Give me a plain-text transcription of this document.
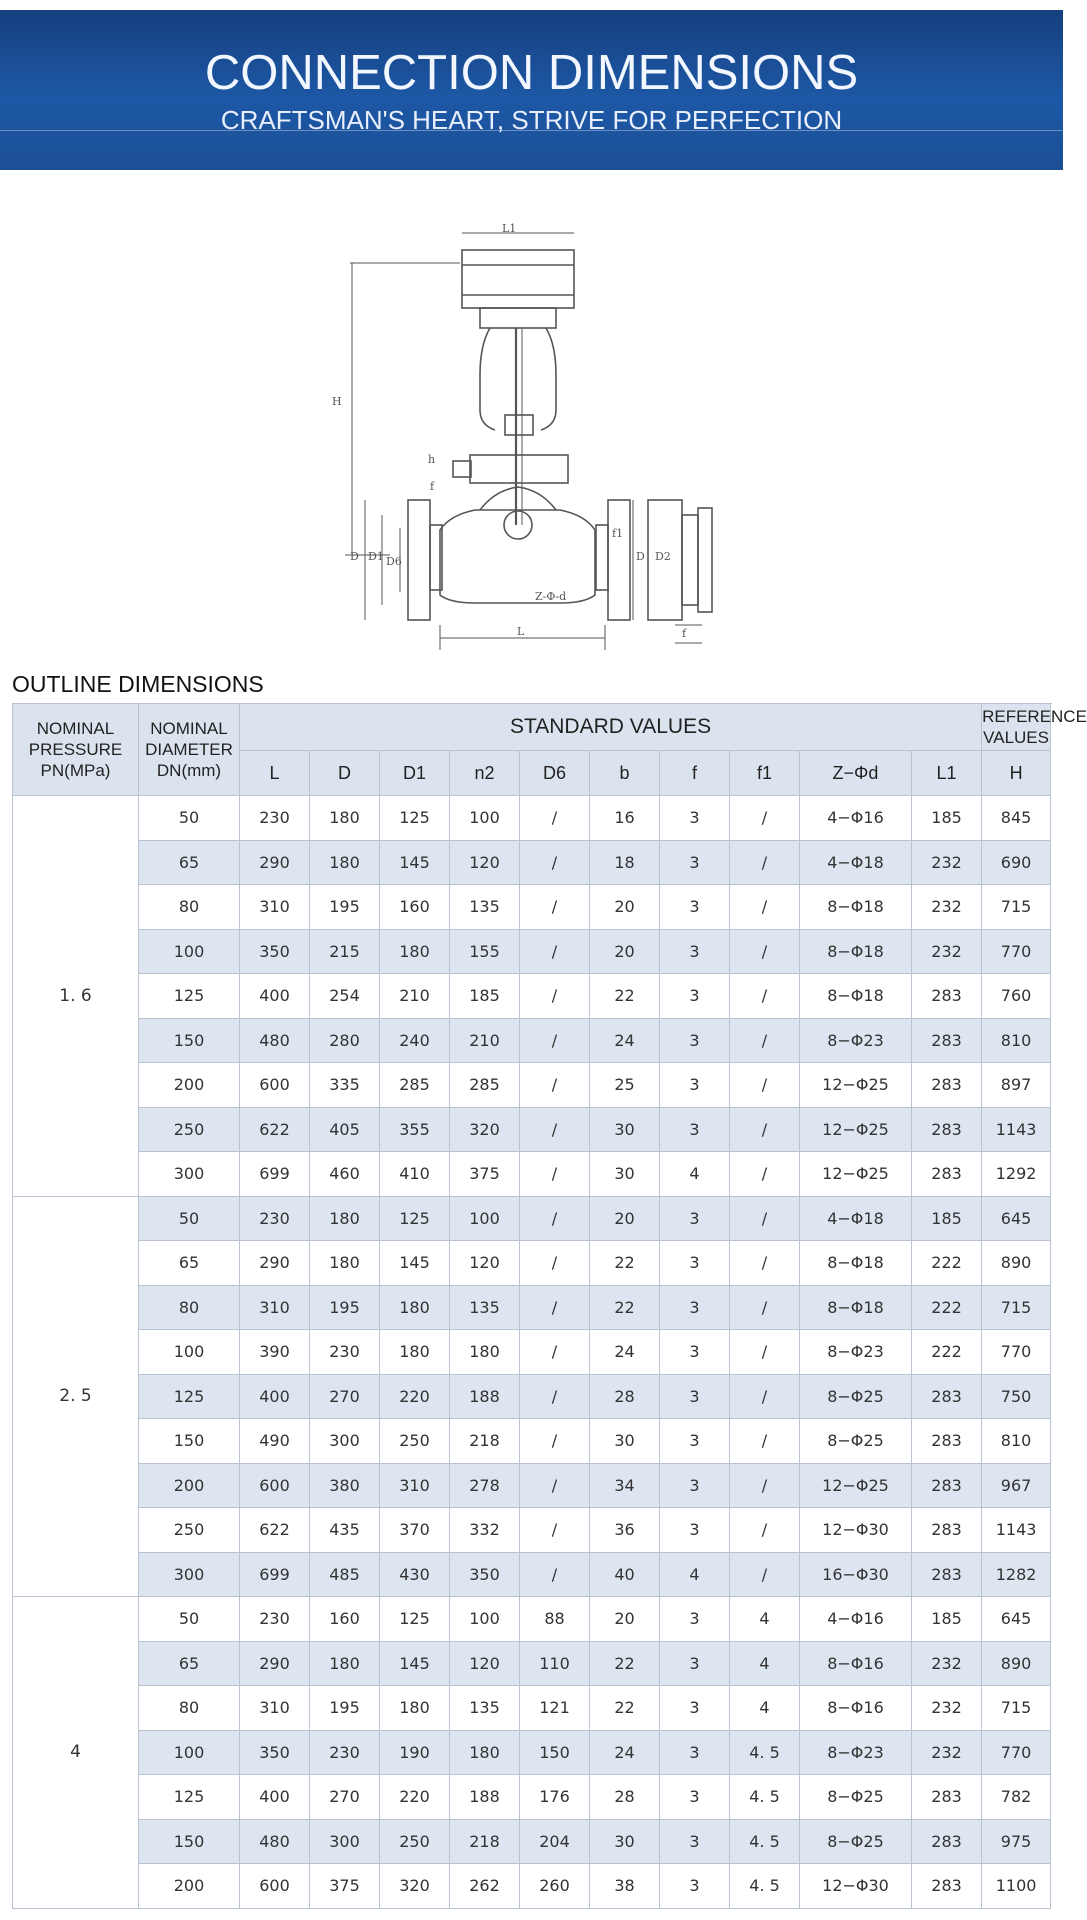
CONNECTION DIMENSIONS
CRAFTSMAN'S HEART, STRIVE FOR PERFECTION
L1
H
h
f
f1
D D1 D6
Z-Φ-d
L
D D2
f
OUTLINE DIMENSIONS
NOMINAL PRESSURE PN(MPa)	NOMINAL DIAMETER DN(mm)	STANDARD VALUES										REFERENCE VALUES
		L	D	D1	n2	D6	b	f	f1	Z−Φd	L1	H
1. 6	50	230	180	125	100	/	16	3	/	4−Φ16	185	845
	65	290	180	145	120	/	18	3	/	4−Φ18	232	690
	80	310	195	160	135	/	20	3	/	8−Φ18	232	715
	100	350	215	180	155	/	20	3	/	8−Φ18	232	770
	125	400	254	210	185	/	22	3	/	8−Φ18	283	760
	150	480	280	240	210	/	24	3	/	8−Φ23	283	810
	200	600	335	285	285	/	25	3	/	12−Φ25	283	897
	250	622	405	355	320	/	30	3	/	12−Φ25	283	1143
	300	699	460	410	375	/	30	4	/	12−Φ25	283	1292
2. 5	50	230	180	125	100	/	20	3	/	4−Φ18	185	645
	65	290	180	145	120	/	22	3	/	8−Φ18	222	890
	80	310	195	180	135	/	22	3	/	8−Φ18	222	715
	100	390	230	180	180	/	24	3	/	8−Φ23	222	770
	125	400	270	220	188	/	28	3	/	8−Φ25	283	750
	150	490	300	250	218	/	30	3	/	8−Φ25	283	810
	200	600	380	310	278	/	34	3	/	12−Φ25	283	967
	250	622	435	370	332	/	36	3	/	12−Φ30	283	1143
	300	699	485	430	350	/	40	4	/	16−Φ30	283	1282
4	50	230	160	125	100	88	20	3	4	4−Φ16	185	645
	65	290	180	145	120	110	22	3	4	8−Φ16	232	890
	80	310	195	180	135	121	22	3	4	8−Φ16	232	715
	100	350	230	190	180	150	24	3	4. 5	8−Φ23	232	770
	125	400	270	220	188	176	28	3	4. 5	8−Φ25	283	782
	150	480	300	250	218	204	30	3	4. 5	8−Φ25	283	975
	200	600	375	320	262	260	38	3	4. 5	12−Φ30	283	1100
